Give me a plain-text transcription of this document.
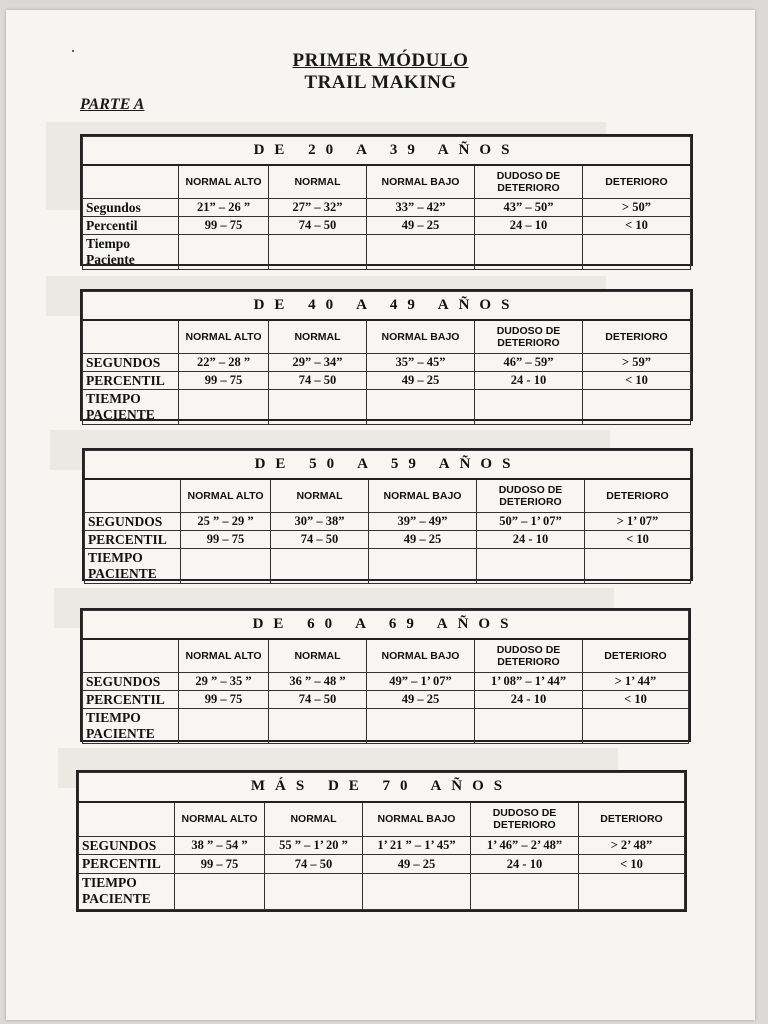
PRIMER MÓDULO
TRAIL MAKING
PARTE A
DE 20 A 39 AÑOS					
	NORMAL ALTO	NORMAL	NORMAL BAJO	DUDOSO DE DETERIORO	DETERIORO
Segundos	21” – 26 ”	27” – 32”	33” – 42”	43” – 50”	> 50”
Percentil	99 – 75	74 – 50	49 – 25	24 – 10	< 10
Tiempo Paciente					
DE 40 A 49 AÑOS					
	NORMAL ALTO	NORMAL	NORMAL BAJO	DUDOSO DE DETERIORO	DETERIORO
SEGUNDOS	22” – 28 ”	29” – 34”	35” – 45”	46” – 59”	> 59”
PERCENTIL	99 – 75	74 – 50	49 – 25	24 - 10	< 10
TIEMPO PACIENTE					
DE 50 A 59 AÑOS					
	NORMAL ALTO	NORMAL	NORMAL BAJO	DUDOSO DE DETERIORO	DETERIORO
SEGUNDOS	25 ” – 29 ”	30” – 38”	39” – 49”	50” – 1’ 07”	> 1’ 07”
PERCENTIL	99 – 75	74 – 50	49 – 25	24 - 10	< 10
TIEMPO PACIENTE					
DE 60 A 69 AÑOS					
	NORMAL ALTO	NORMAL	NORMAL BAJO	DUDOSO DE DETERIORO	DETERIORO
SEGUNDOS	29 ” – 35 ”	36 ” – 48 ”	49” – 1’ 07”	1’ 08” – 1’ 44”	> 1’ 44”
PERCENTIL	99 – 75	74 – 50	49 – 25	24 - 10	< 10
TIEMPO PACIENTE					
MÁS DE 70 AÑOS					
	NORMAL ALTO	NORMAL	NORMAL BAJO	DUDOSO DE DETERIORO	DETERIORO
SEGUNDOS	38 ” – 54 ”	55 ” – 1’ 20 ”	1’ 21 ” – 1’ 45”	1’ 46” – 2’ 48”	> 2’ 48”
PERCENTIL	99 – 75	74 – 50	49 – 25	24 - 10	< 10
TIEMPO PACIENTE					
